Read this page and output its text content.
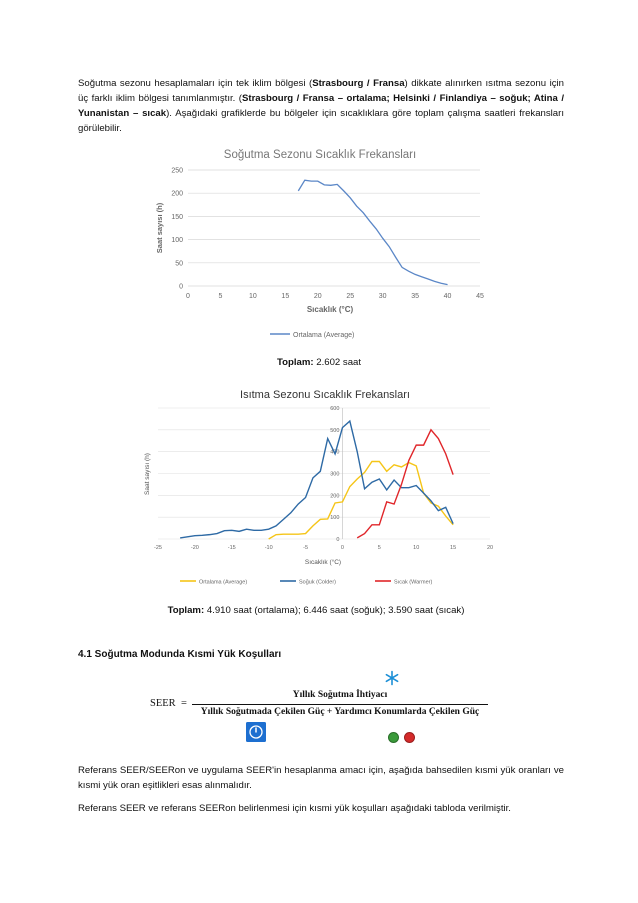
Soğutma sezonu hesaplamaları için tek iklim bölgesi (Strasbourg / Fransa) dikkate alınırken ısıtma sezonu için üç farklı iklim bölgesi tanımlanmıştır. (Strasbourg / Fransa – ortalama; Helsinki / Finlandiya – soğuk; Atina / Yunanistan – sıcak). Aşağıdaki grafiklerde bu bölgeler için sıcaklıklara göre toplam çalışma saatleri frekansları görülebilir.
Soğutma Sezonu Sıcaklık Frekansları
0	5	10	15	20	25	30	35	40	45
0
50
100
150
200
250
Saat sayısı (h)
Sıcaklık (°C)
Ortalama (Average)
Toplam: 2.602 saat
Isıtma Sezonu Sıcaklık Frekansları
-25	-20	-15	-10	-5	0	5	10	15	20
0
100
200
300
400
500
600
Saat sayısı (h)
Sıcaklık (°C)
Ortalama (Average)	Soğuk (Colder)	Sıcak (Warmer)
Toplam: 4.910 saat (ortalama); 6.446 saat (soğuk); 3.590 saat (sıcak)
4.1 Soğutma Modunda Kısmi Yük Koşulları
SEER =
Yıllık Soğutma İhtiyacı
Yıllık Soğutmada Çekilen Güç + Yardımcı Konumlarda Çekilen Güç
Referans SEER/SEERon ve uygulama SEER'in hesaplanma amacı için, aşağıda bahsedilen kısmi yük oranları ve kısmi yük oran eşitlikleri esas alınmalıdır.
Referans SEER ve referans SEERon belirlenmesi için kısmi yük koşulları aşağıdaki tabloda verilmiştir.
